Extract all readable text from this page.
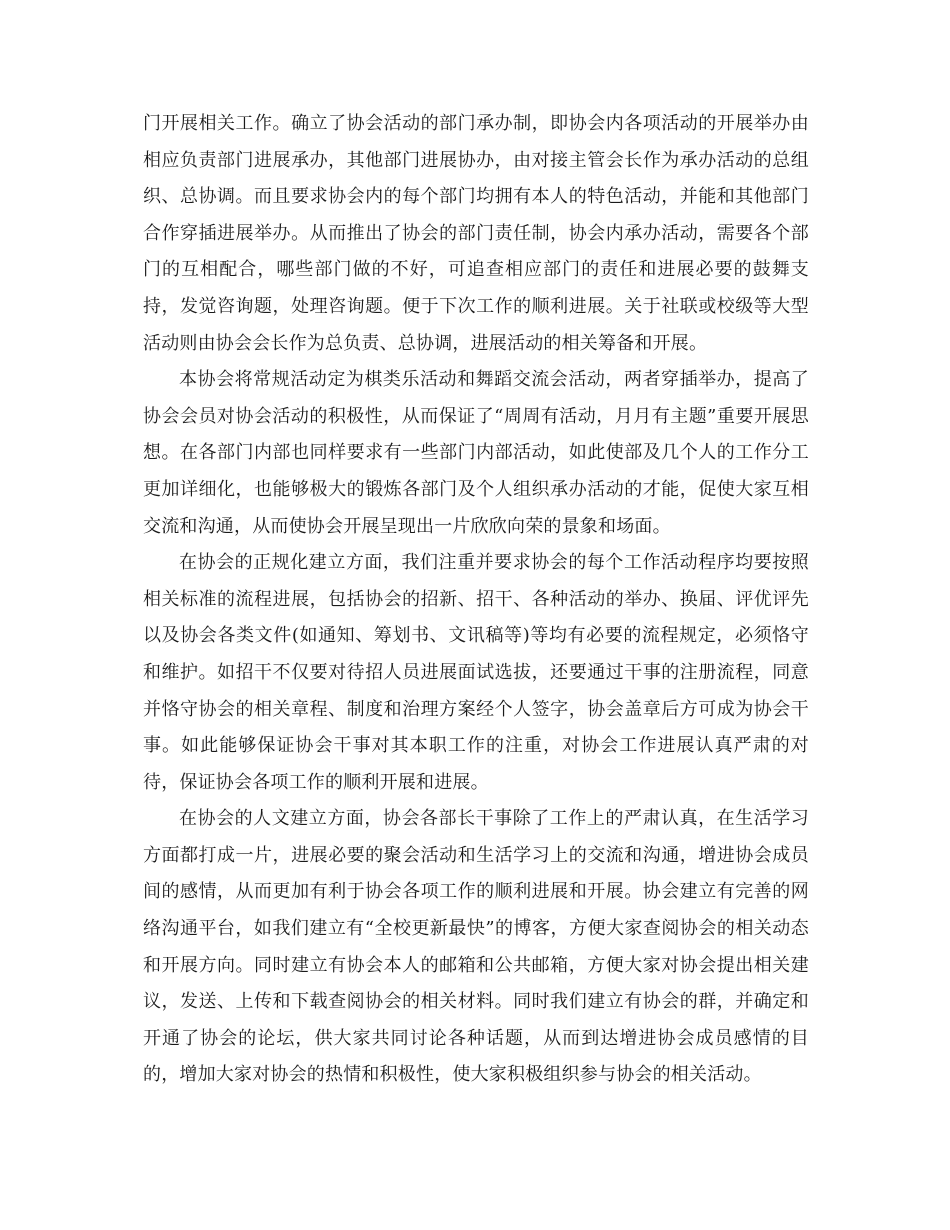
门开展相关工作。确立了协会活动的部门承办制，即协会内各项活动的开展举办由相应负责部门进展承办，其他部门进展协办，由对接主管会长作为承办活动的总组织、总协调。而且要求协会内的每个部门均拥有本人的特色活动，并能和其他部门合作穿插进展举办。从而推出了协会的部门责任制，协会内承办活动，需要各个部门的互相配合，哪些部门做的不好，可追查相应部门的责任和进展必要的鼓舞支持，发觉咨询题，处理咨询题。便于下次工作的顺利进展。关于社联或校级等大型活动则由协会会长作为总负责、总协调，进展活动的相关筹备和开展。

本协会将常规活动定为棋类乐活动和舞蹈交流会活动，两者穿插举办，提高了协会会员对协会活动的积极性，从而保证了“周周有活动，月月有主题”重要开展思想。在各部门内部也同样要求有一些部门内部活动，如此使部及几个人的工作分工更加详细化，也能够极大的锻炼各部门及个人组织承办活动的才能，促使大家互相交流和沟通，从而使协会开展呈现出一片欣欣向荣的景象和场面。

在协会的正规化建立方面，我们注重并要求协会的每个工作活动程序均要按照相关标准的流程进展，包括协会的招新、招干、各种活动的举办、换届、评优评先以及协会各类文件(如通知、筹划书、文讯稿等)等均有必要的流程规定，必须恪守和维护。如招干不仅要对待招人员进展面试选拔，还要通过干事的注册流程，同意并恪守协会的相关章程、制度和治理方案经个人签字，协会盖章后方可成为协会干事。如此能够保证协会干事对其本职工作的注重，对协会工作进展认真严肃的对待，保证协会各项工作的顺利开展和进展。

在协会的人文建立方面，协会各部长干事除了工作上的严肃认真，在生活学习方面都打成一片，进展必要的聚会活动和生活学习上的交流和沟通，增进协会成员间的感情，从而更加有利于协会各项工作的顺利进展和开展。协会建立有完善的网络沟通平台，如我们建立有“全校更新最快”的博客，方便大家查阅协会的相关动态和开展方向。同时建立有协会本人的邮箱和公共邮箱，方便大家对协会提出相关建议，发送、上传和下载查阅协会的相关材料。同时我们建立有协会的群，并确定和开通了协会的论坛，供大家共同讨论各种话题，从而到达增进协会成员感情的目的，增加大家对协会的热情和积极性，使大家积极组织参与协会的相关活动。
